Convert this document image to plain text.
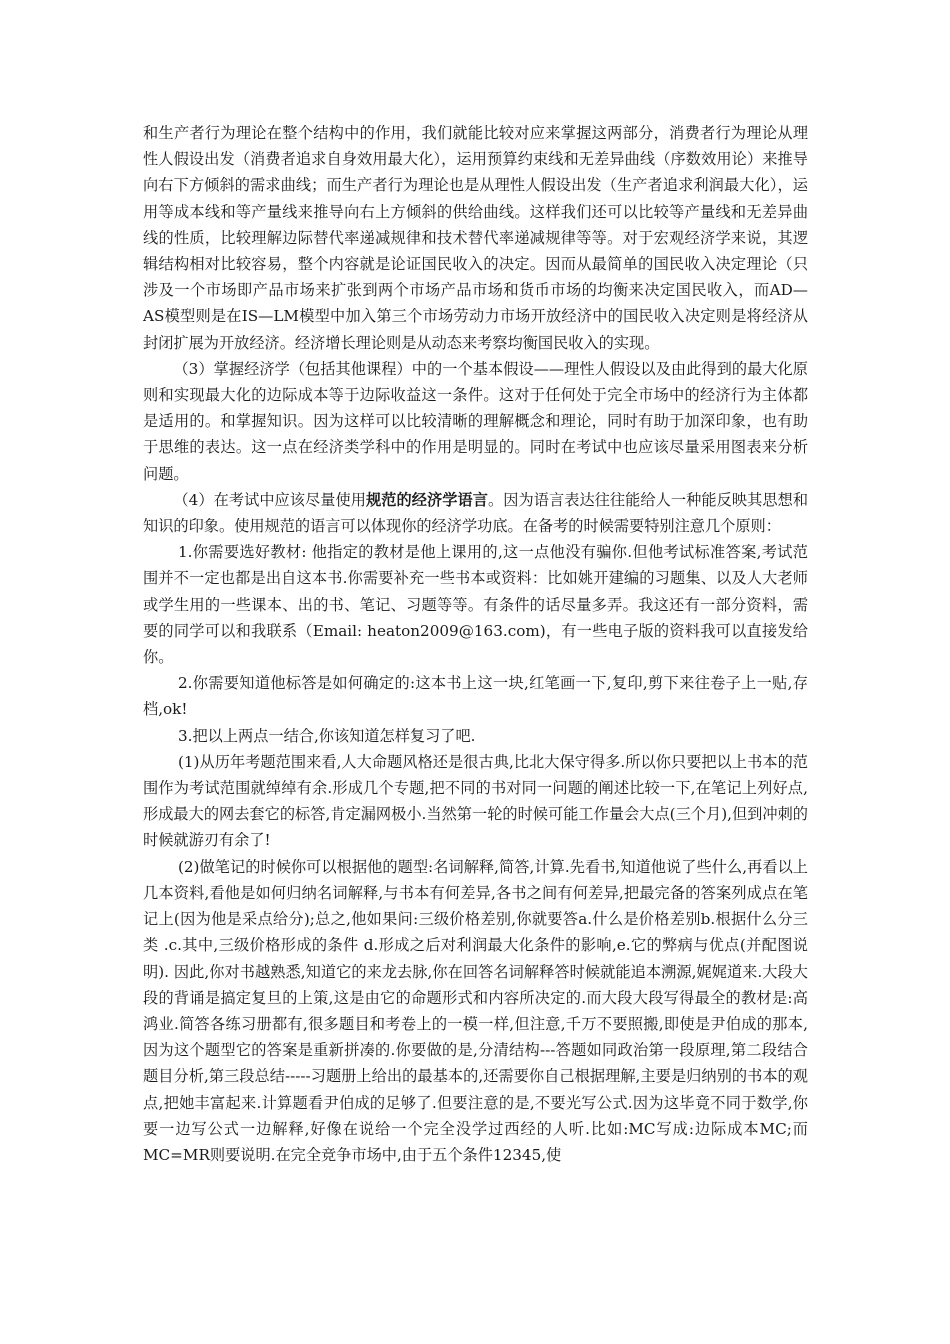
和生产者行为理论在整个结构中的作用，我们就能比较对应来掌握这两部分，消费者行为理论从理性人假设出发（消费者追求自身效用最大化），运用预算约束线和无差异曲线（序数效用论）来推导向右下方倾斜的需求曲线；而生产者行为理论也是从理性人假设出发（生产者追求利润最大化），运用等成本线和等产量线来推导向右上方倾斜的供给曲线。这样我们还可以比较等产量线和无差异曲线的性质，比较理解边际替代率递减规律和技术替代率递减规律等等。对于宏观经济学来说，其逻辑结构相对比较容易，整个内容就是论证国民收入的决定。因而从最简单的国民收入决定理论（只涉及一个市场即产品市场来扩张到两个市场产品市场和货币市场的均衡来决定国民收入，而AD—AS模型则是在IS—LM模型中加入第三个市场劳动力市场开放经济中的国民收入决定则是将经济从封闭扩展为开放经济。经济增长理论则是从动态来考察均衡国民收入的实现。

（3）掌握经济学（包括其他课程）中的一个基本假设——理性人假设以及由此得到的最大化原则和实现最大化的边际成本等于边际收益这一条件。这对于任何处于完全市场中的经济行为主体都是适用的。和掌握知识。因为这样可以比较清晰的理解概念和理论，同时有助于加深印象，也有助于思维的表达。这一点在经济类学科中的作用是明显的。同时在考试中也应该尽量采用图表来分析问题。

（4）在考试中应该尽量使用规范的经济学语言。因为语言表达往往能给人一种能反映其思想和知识的印象。使用规范的语言可以体现你的经济学功底。在备考的时候需要特别注意几个原则：

1.你需要选好教材: 他指定的教材是他上课用的,这一点他没有骗你.但他考试标准答案,考试范围并不一定也都是出自这本书.你需要补充一些书本或资料：比如姚开建编的习题集、以及人大老师或学生用的一些课本、出的书、笔记、习题等等。有条件的话尽量多弄。我这还有一部分资料，需要的同学可以和我联系（Email: heaton2009@163.com)，有一些电子版的资料我可以直接发给你。

2.你需要知道他标答是如何确定的:这本书上这一块,红笔画一下,复印,剪下来往卷子上一贴,存档,ok!

3.把以上两点一结合,你该知道怎样复习了吧.

(1)从历年考题范围来看,人大命题风格还是很古典,比北大保守得多.所以你只要把以上书本的范围作为考试范围就绰绰有余.形成几个专题,把不同的书对同一问题的阐述比较一下,在笔记上列好点,形成最大的网去套它的标答,肯定漏网极小.当然第一轮的时候可能工作量会大点(三个月),但到冲刺的时候就游刃有余了!

(2)做笔记的时候你可以根据他的题型:名词解释,简答,计算.先看书,知道他说了些什么,再看以上几本资料,看他是如何归纳名词解释,与书本有何差异,各书之间有何差异,把最完备的答案列成点在笔记上(因为他是采点给分);总之,他如果问:三级价格差别,你就要答a.什么是价格差别b.根据什么分三类 .c.其中,三级价格形成的条件 d.形成之后对利润最大化条件的影响,e.它的弊病与优点(并配图说明). 因此,你对书越熟悉,知道它的来龙去脉,你在回答名词解释答时候就能追本溯源,娓娓道来.大段大段的背诵是搞定复旦的上策,这是由它的命题形式和内容所决定的.而大段大段写得最全的教材是:高鸿业.简答各练习册都有,很多题目和考卷上的一模一样,但注意,千万不要照搬,即使是尹伯成的那本,因为这个题型它的答案是重新拼凑的.你要做的是,分清结构---答题如同政治第一段原理,第二段结合题目分析,第三段总结-----习题册上给出的最基本的,还需要你自己根据理解,主要是归纳别的书本的观点,把她丰富起来.计算题看尹伯成的足够了.但要注意的是,不要光写公式.因为这毕竟不同于数学,你要一边写公式一边解释,好像在说给一个完全没学过西经的人听.比如:MC写成:边际成本MC;而MC=MR则要说明.在完全竞争市场中,由于五个条件12345,使
